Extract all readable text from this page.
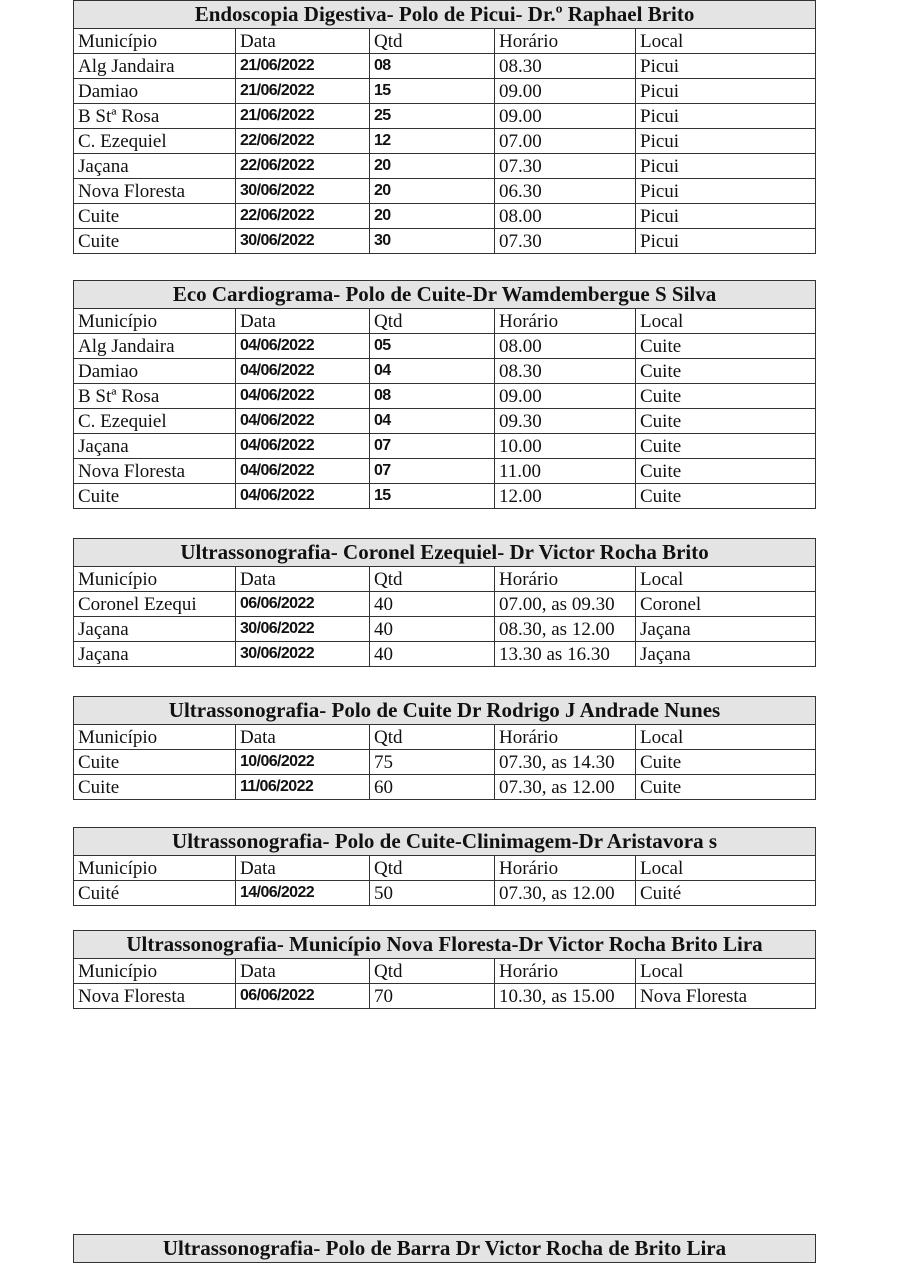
Endoscopia Digestiva- Polo de Picui- Dr.º Raphael Brito				
Município	Data	Qtd	Horário	Local
Alg Jandaira	21/06/2022	08	08.30	Picui
Damiao	21/06/2022	15	09.00	Picui
B Stª Rosa	21/06/2022	25	09.00	Picui
C. Ezequiel	22/06/2022	12	07.00	Picui
Jaçana	22/06/2022	20	07.30	Picui
Nova Floresta	30/06/2022	20	06.30	Picui
Cuite	22/06/2022	20	08.00	Picui
Cuite	30/06/2022	30	07.30	Picui
Eco Cardiograma- Polo de Cuite-Dr Wamdembergue S Silva				
Município	Data	Qtd	Horário	Local
Alg Jandaira	04/06/2022	05	08.00	Cuite
Damiao	04/06/2022	04	08.30	Cuite
B Stª Rosa	04/06/2022	08	09.00	Cuite
C. Ezequiel	04/06/2022	04	09.30	Cuite
Jaçana	04/06/2022	07	10.00	Cuite
Nova Floresta	04/06/2022	07	11.00	Cuite
Cuite	04/06/2022	15	12.00	Cuite
Ultrassonografia- Coronel Ezequiel- Dr Victor Rocha Brito				
Município	Data	Qtd	Horário	Local
Coronel Ezequi	06/06/2022	40	07.00, as 09.30	Coronel
Jaçana	30/06/2022	40	08.30, as 12.00	Jaçana
Jaçana	30/06/2022	40	13.30 as 16.30	Jaçana
Ultrassonografia- Polo de Cuite Dr Rodrigo J Andrade Nunes				
Município	Data	Qtd	Horário	Local
Cuite	10/06/2022	75	07.30, as 14.30	Cuite
Cuite	11/06/2022	60	07.30, as 12.00	Cuite
Ultrassonografia- Polo de Cuite-Clinimagem-Dr Aristavora s				
Município	Data	Qtd	Horário	Local
Cuité	14/06/2022	50	07.30, as 12.00	Cuité
Ultrassonografia- Município Nova Floresta-Dr Victor Rocha Brito Lira				
Município	Data	Qtd	Horário	Local
Nova Floresta	06/06/2022	70	10.30, as 15.00	Nova Floresta
Ultrassonografia- Polo de Barra Dr Victor Rocha de Brito Lira
